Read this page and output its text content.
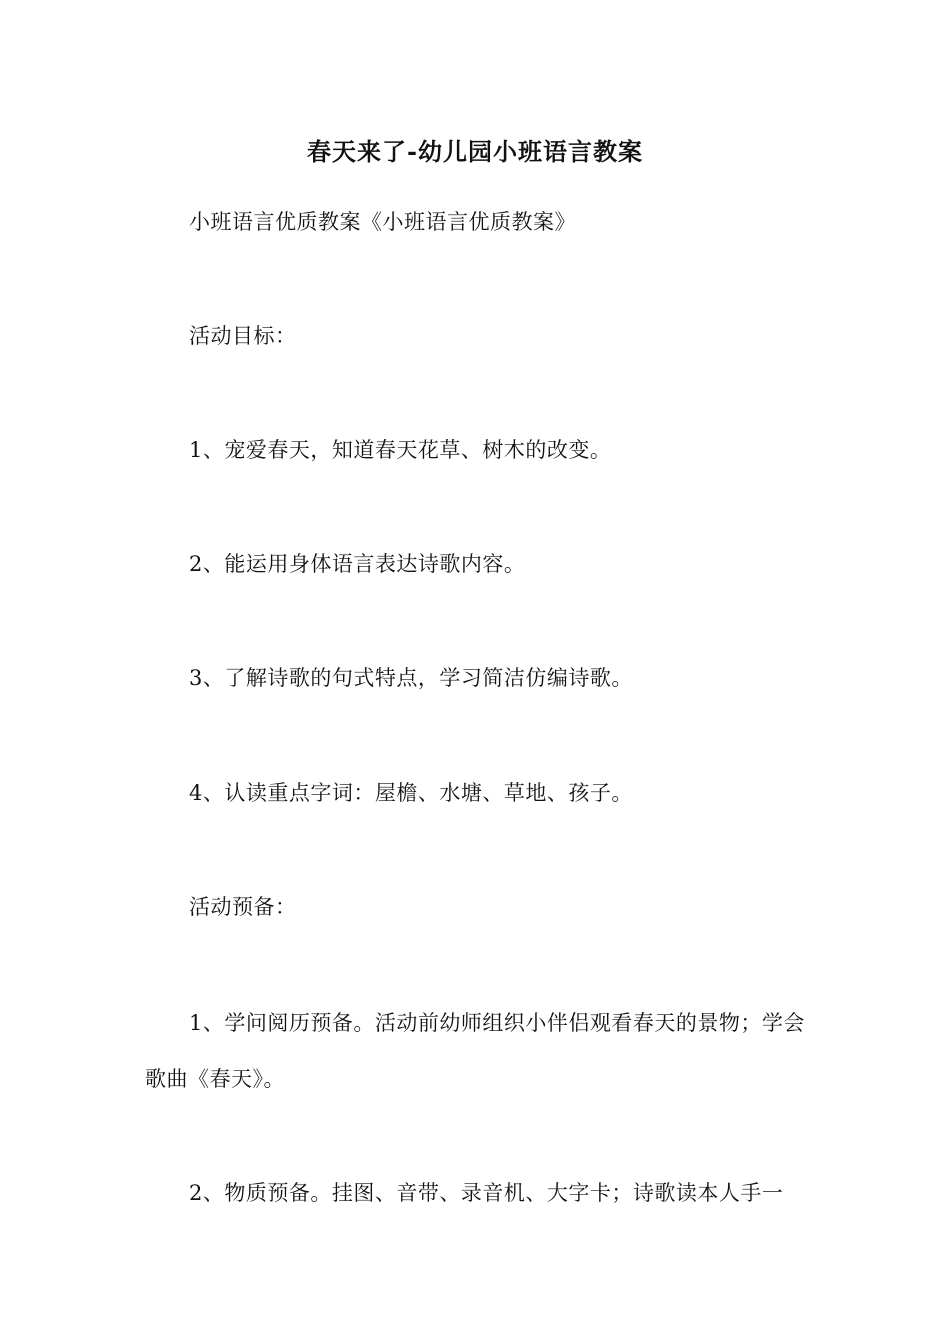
春天来了-幼儿园小班语言教案

小班语言优质教案《小班语言优质教案》

活动目标：

1、宠爱春天，知道春天花草、树木的改变。

2、能运用身体语言表达诗歌内容。

3、了解诗歌的句式特点，学习简洁仿编诗歌。

4、认读重点字词：屋檐、水塘、草地、孩子。

活动预备：

1、学问阅历预备。活动前幼师组织小伴侣观看春天的景物；学会歌曲《春天》。

2、物质预备。挂图、音带、录音机、大字卡；诗歌读本人手一
